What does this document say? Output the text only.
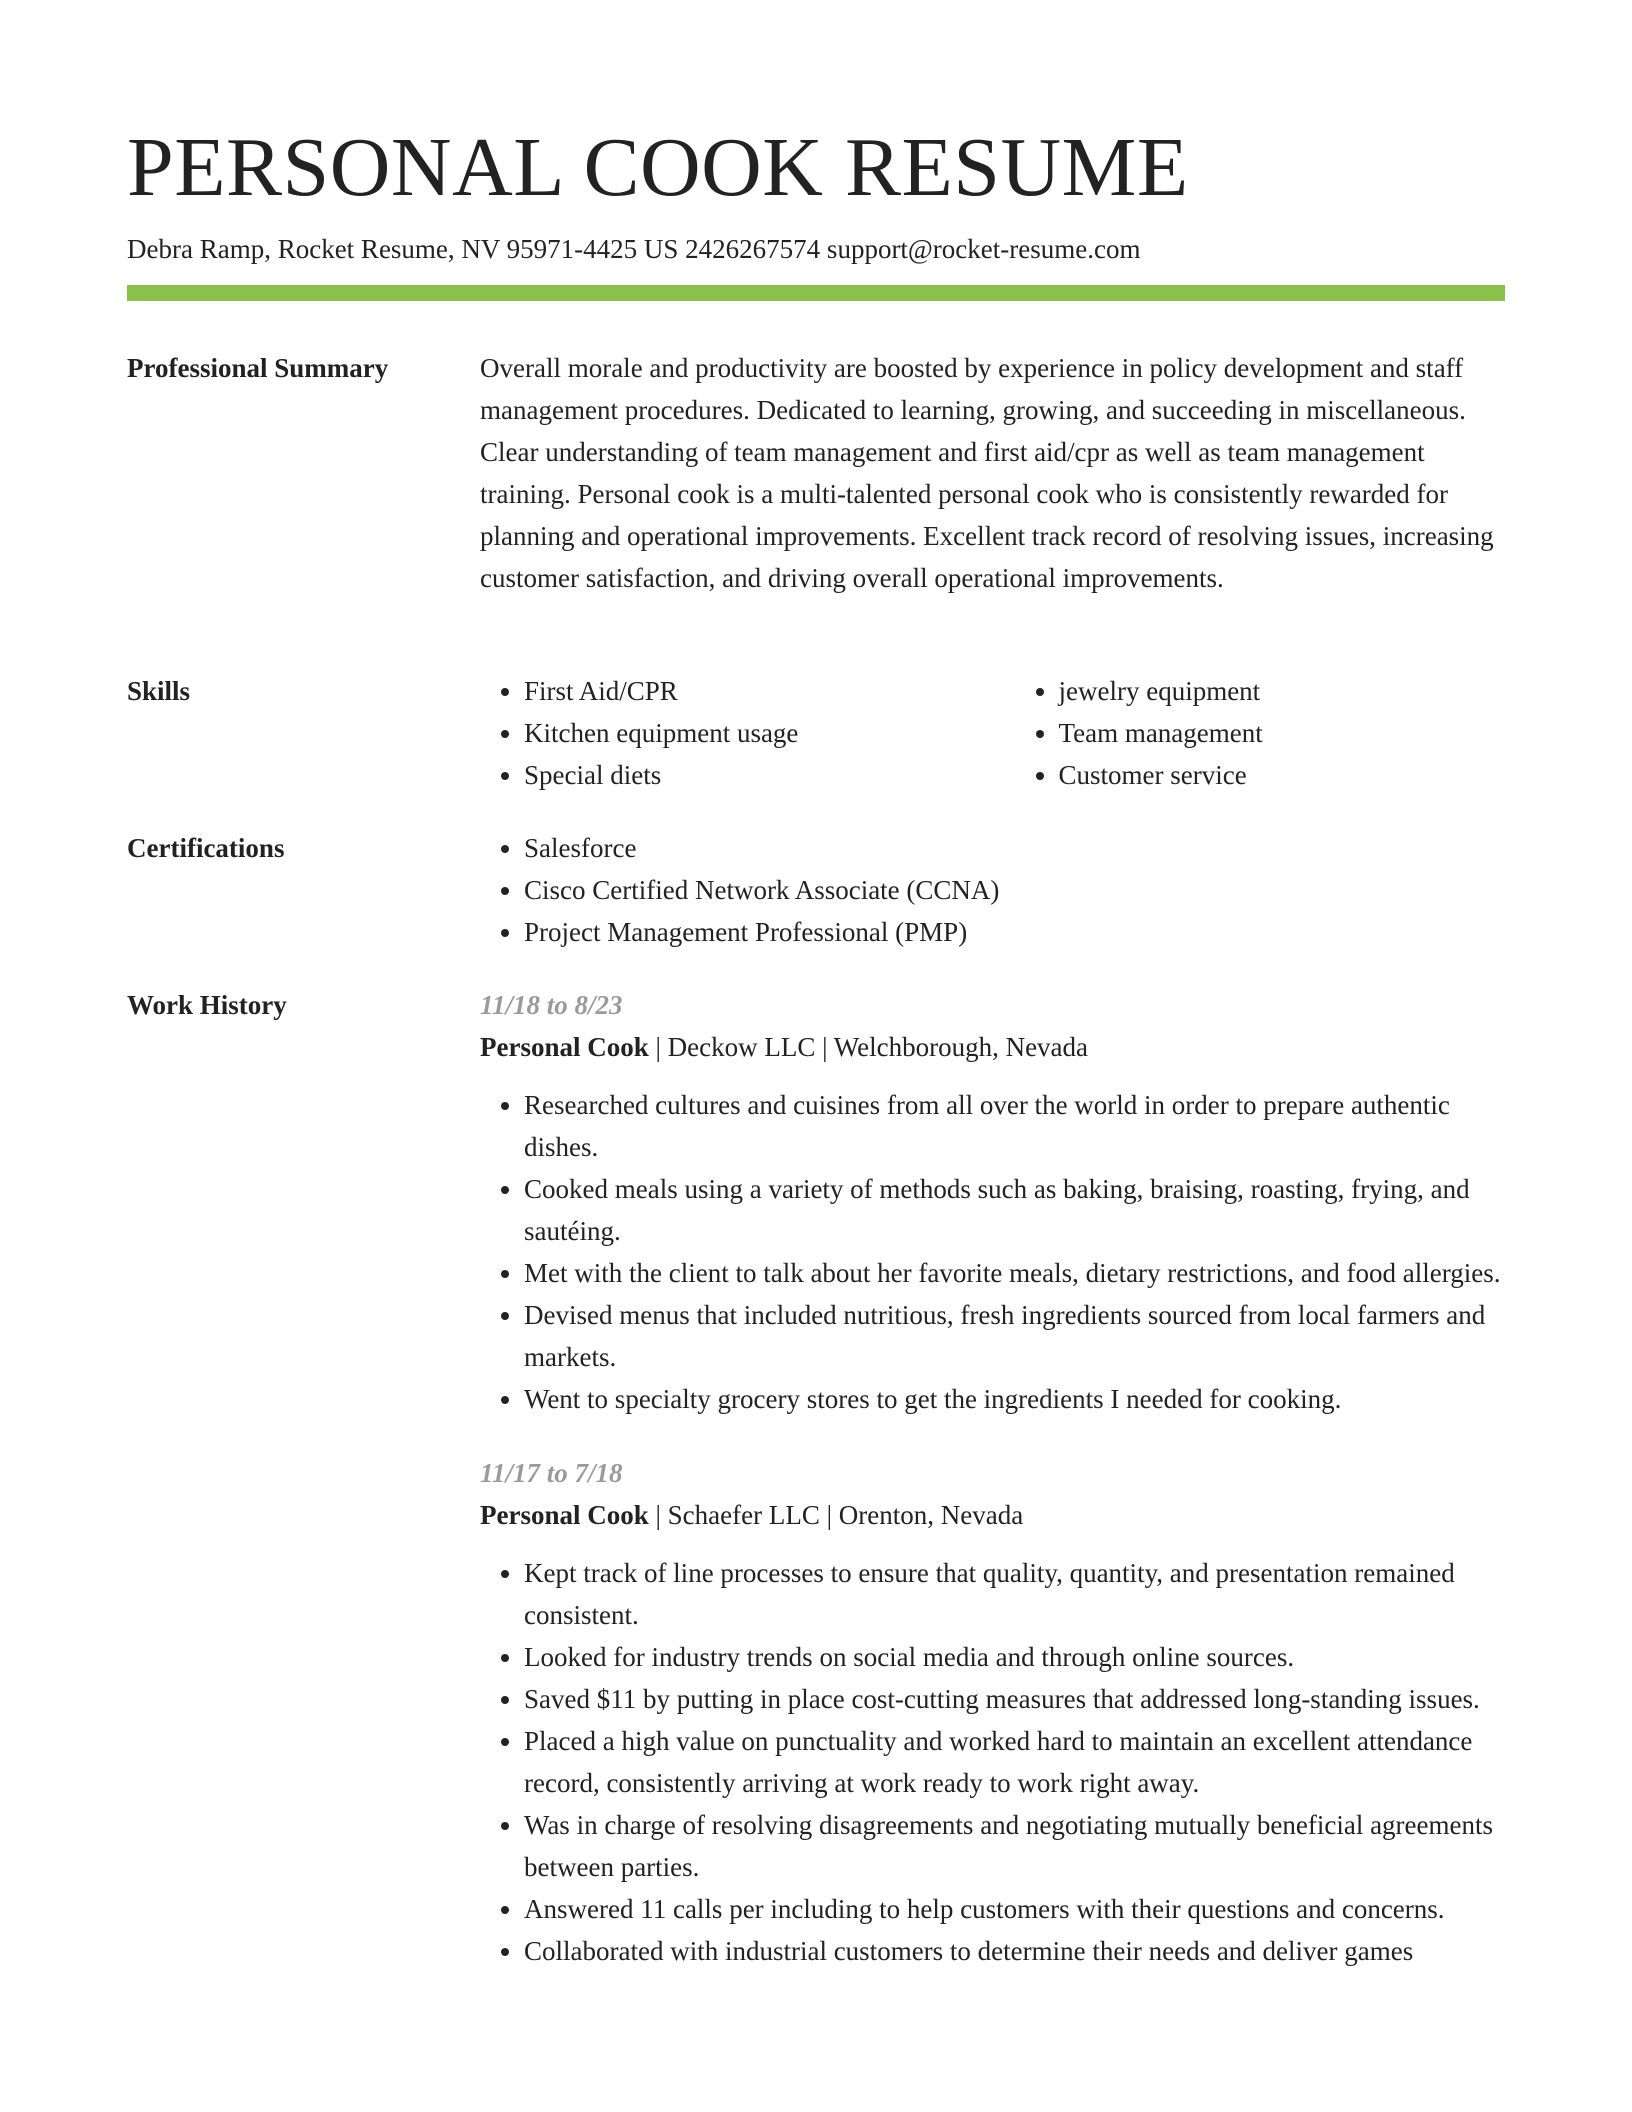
PERSONAL COOK RESUME
Debra Ramp, Rocket Resume, NV 95971-4425 US 2426267574 support@rocket-resume.com
Professional Summary	Overall morale and productivity are boosted by experience in policy development and staff management procedures. Dedicated to learning, growing, and succeeding in miscellaneous. Clear understanding of team management and first aid/cpr as well as team management training. Personal cook is a multi-talented personal cook who is consistently rewarded for planning and operational improvements. Excellent track record of resolving issues, increasing customer satisfaction, and driving overall operational improvements.

Skills	• First Aid/CPR
• Kitchen equipment usage
• Special diets
• jewelry equipment
• Team management
• Customer service
Certifications	• Salesforce
• Cisco Certified Network Associate (CCNA)
• Project Management Professional (PMP)
Work History	11/18 to 8/23
Personal Cook | Deckow LLC | Welchborough, Nevada
• Researched cultures and cuisines from all over the world in order to prepare authentic dishes.
• Cooked meals using a variety of methods such as baking, braising, roasting, frying, and sautéing.
• Met with the client to talk about her favorite meals, dietary restrictions, and food allergies.
• Devised menus that included nutritious, fresh ingredients sourced from local farmers and markets.
• Went to specialty grocery stores to get the ingredients I needed for cooking.
11/17 to 7/18
Personal Cook | Schaefer LLC | Orenton, Nevada
• Kept track of line processes to ensure that quality, quantity, and presentation remained consistent.
• Looked for industry trends on social media and through online sources.
• Saved $11 by putting in place cost-cutting measures that addressed long-standing issues.
• Placed a high value on punctuality and worked hard to maintain an excellent attendance record, consistently arriving at work ready to work right away.
• Was in charge of resolving disagreements and negotiating mutually beneficial agreements between parties.
• Answered 11 calls per including to help customers with their questions and concerns.
• Collaborated with industrial customers to determine their needs and deliver games
